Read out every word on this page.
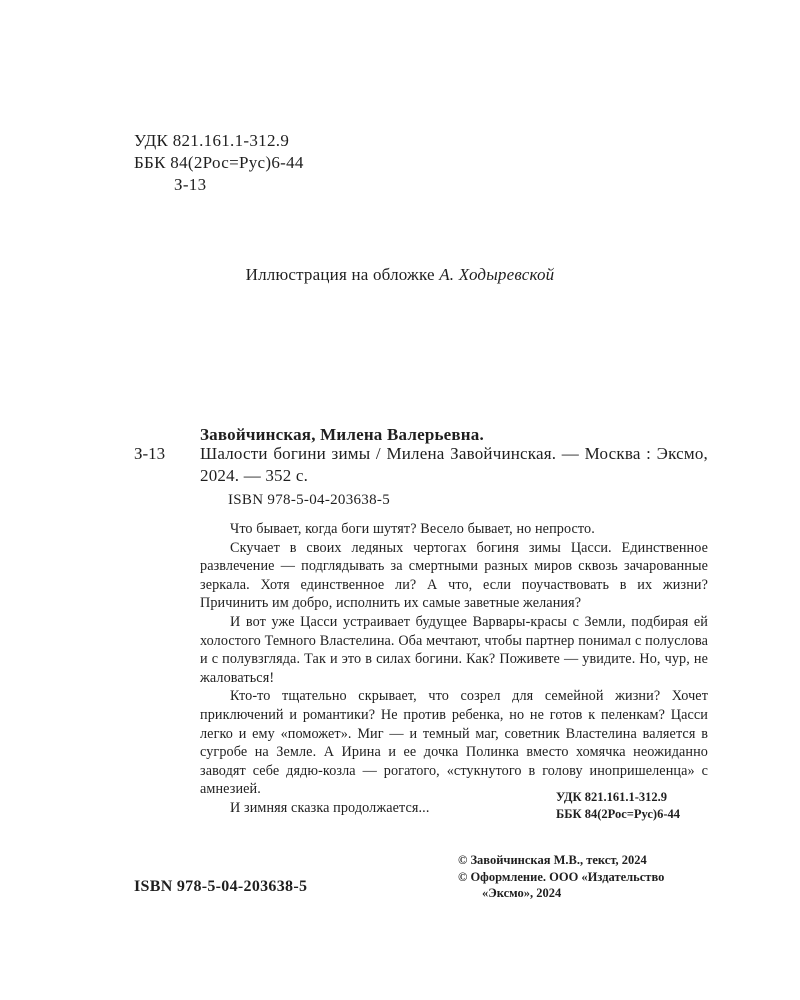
УДК 821.161.1-312.9
ББК 84(2Рос=Рус)6-44
З-13
Иллюстрация на обложке А. Ходыревской
Завойчинская, Милена Валерьевна.
З-13 Шалости богини зимы / Милена Завойчинская. — Москва : Эксмо, 2024. — 352 с.
ISBN 978-5-04-203638-5

Что бывает, когда боги шутят? Весело бывает, но непросто.

Скучает в своих ледяных чертогах богиня зимы Цасси. Единственное развлечение — подглядывать за смертными разных миров сквозь зачарованные зеркала. Хотя единственное ли? А что, если поучаствовать в их жизни? Причинить им добро, исполнить их самые заветные желания?

И вот уже Цасси устраивает будущее Варвары-красы с Земли, подбирая ей холостого Темного Властелина. Оба мечтают, чтобы партнер понимал с полуслова и с полувзгляда. Так и это в силах богини. Как? Поживете — увидите. Но, чур, не жаловаться!

Кто-то тщательно скрывает, что созрел для семейной жизни? Хочет приключений и романтики? Не против ребенка, но не готов к пеленкам? Цасси легко и ему «поможет». Миг — и темный маг, советник Властелина валяется в сугробе на Земле. А Ирина и ее дочка Полинка вместо хомячка неожиданно заводят себе дядю-козла — рогатого, «стукнутого в голову инопришеленца» с амнезией.

И зимняя сказка продолжается...

УДК 821.161.1-312.9
ББК 84(2Рос=Рус)6-44
© Завойчинская М.В., текст, 2024
© Оформление. ООО «Издательство
«Эксмо», 2024
ISBN 978-5-04-203638-5
